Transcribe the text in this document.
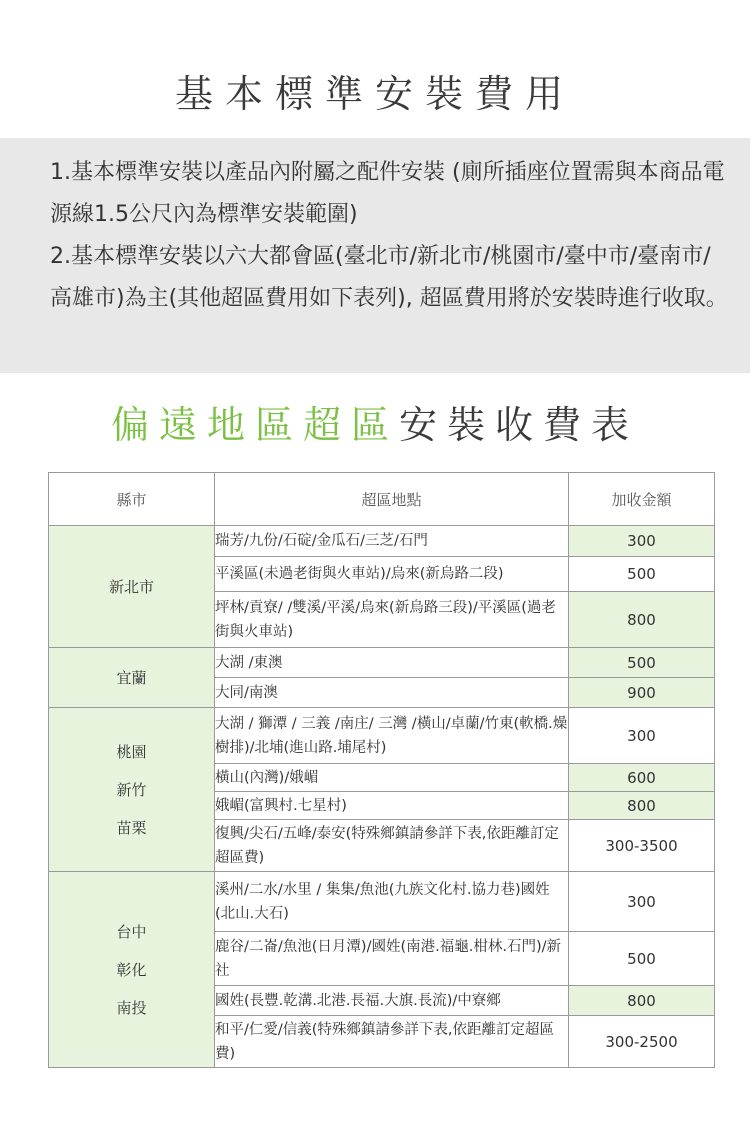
基本標準安裝費用

1.基本標準安裝以產品內附屬之配件安裝 (廁所插座位置需與本商品電源線1.5公尺內為標準安裝範圍)

2.基本標準安裝以六大都會區(臺北市/新北市/桃園市/臺中市/臺南市/高雄市)為主(其他超區費用如下表列), 超區費用將於安裝時進行收取。

偏遠地區超區安裝收費表
縣市	超區地點	加收金額

新北市	瑞芳/九份/石碇/金瓜石/三芝/石門	300
	平溪區(未過老街與火車站)/烏來(新烏路二段)	500
	坪林/貢寮/ /雙溪/平溪/烏來(新烏路三段)/平溪區(過老街與火車站)	800

宜蘭	大湖 /東澳	500
	大同/南澳	900

桃園
新竹
苗栗	大湖 / 獅潭 / 三義 /南庄/ 三灣 /橫山/卓蘭/竹東(軟橋.燥樹排)/北埔(進山路.埔尾村)	300
	橫山(內灣)/娥嵋	600
	娥嵋(富興村.七星村)	800
	復興/尖石/五峰/泰安(特殊鄉鎮請參詳下表,依距離訂定超區費)	300-3500

台中
彰化
南投	溪州/二水/水里 / 集集/魚池(九族文化村.協力巷)國姓(北山.大石)	300
	鹿谷/二崙/魚池(日月潭)/國姓(南港.福龜.柑林.石門)/新社	500
	國姓(長豐.乾溝.北港.長福.大旗.長流)/中寮鄉	800
	和平/仁愛/信義(特殊鄉鎮請參詳下表,依距離訂定超區費)	300-2500
